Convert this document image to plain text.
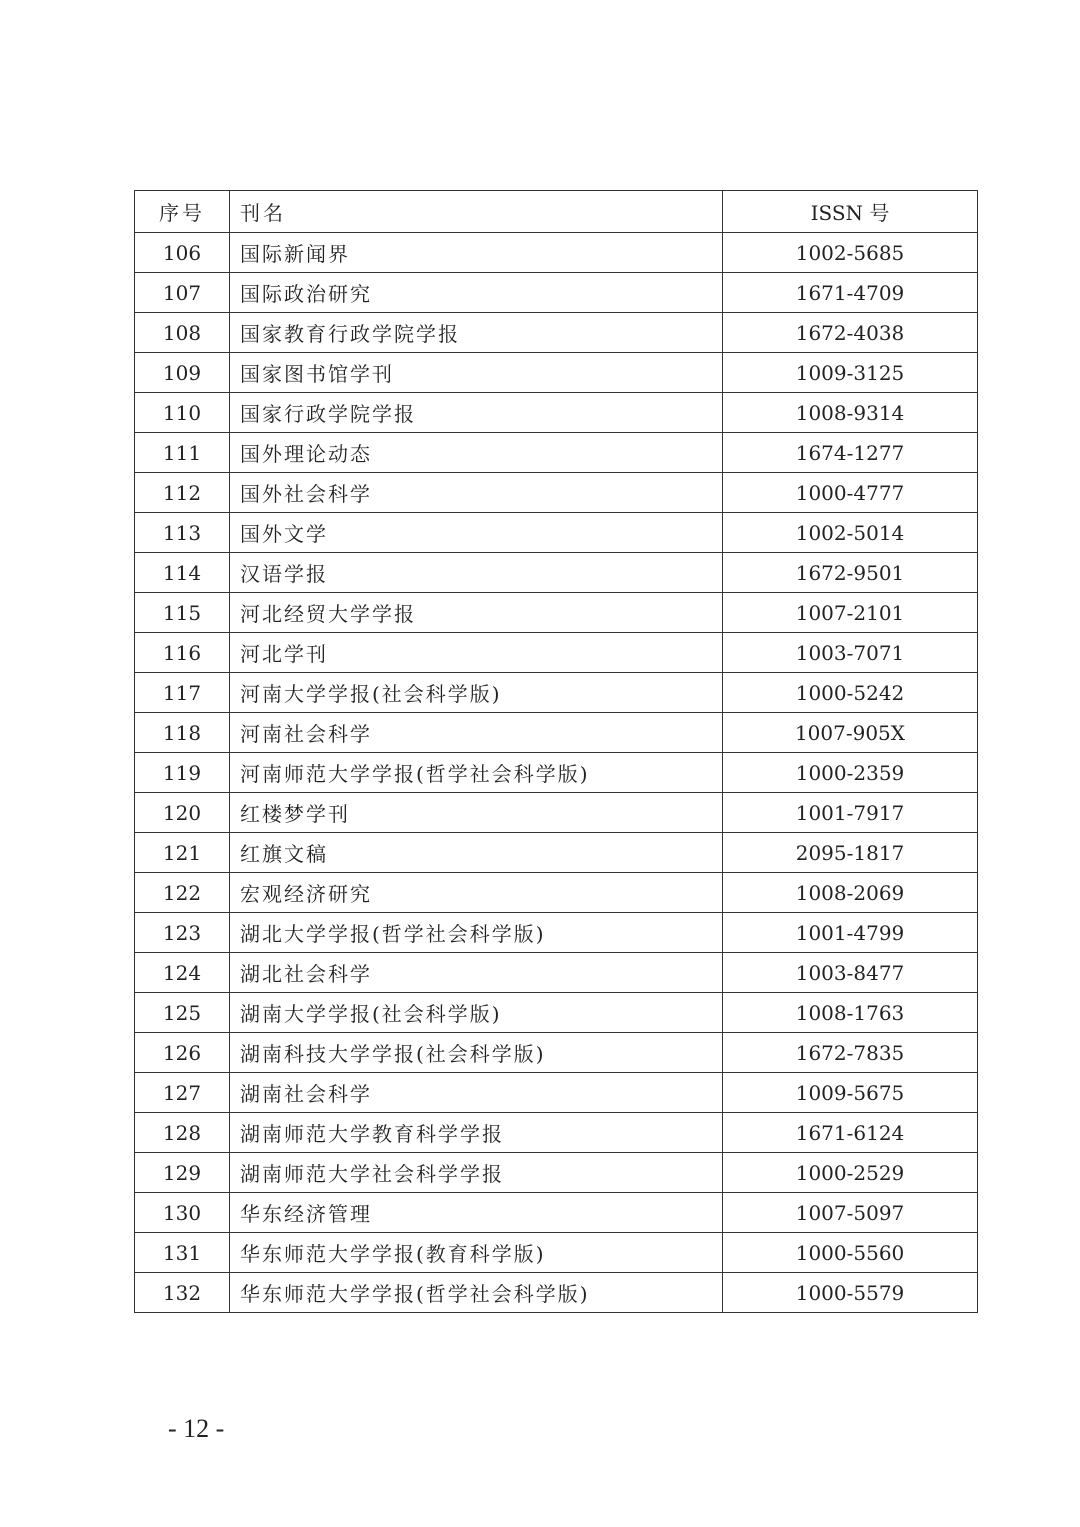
序号	刊名	ISSN 号
106	国际新闻界	1002-5685
107	国际政治研究	1671-4709
108	国家教育行政学院学报	1672-4038
109	国家图书馆学刊	1009-3125
110	国家行政学院学报	1008-9314
111	国外理论动态	1674-1277
112	国外社会科学	1000-4777
113	国外文学	1002-5014
114	汉语学报	1672-9501
115	河北经贸大学学报	1007-2101
116	河北学刊	1003-7071
117	河南大学学报(社会科学版)	1000-5242
118	河南社会科学	1007-905X
119	河南师范大学学报(哲学社会科学版)	1000-2359
120	红楼梦学刊	1001-7917
121	红旗文稿	2095-1817
122	宏观经济研究	1008-2069
123	湖北大学学报(哲学社会科学版)	1001-4799
124	湖北社会科学	1003-8477
125	湖南大学学报(社会科学版)	1008-1763
126	湖南科技大学学报(社会科学版)	1672-7835
127	湖南社会科学	1009-5675
128	湖南师范大学教育科学学报	1671-6124
129	湖南师范大学社会科学学报	1000-2529
130	华东经济管理	1007-5097
131	华东师范大学学报(教育科学版)	1000-5560
132	华东师范大学学报(哲学社会科学版)	1000-5579
- 12 -
